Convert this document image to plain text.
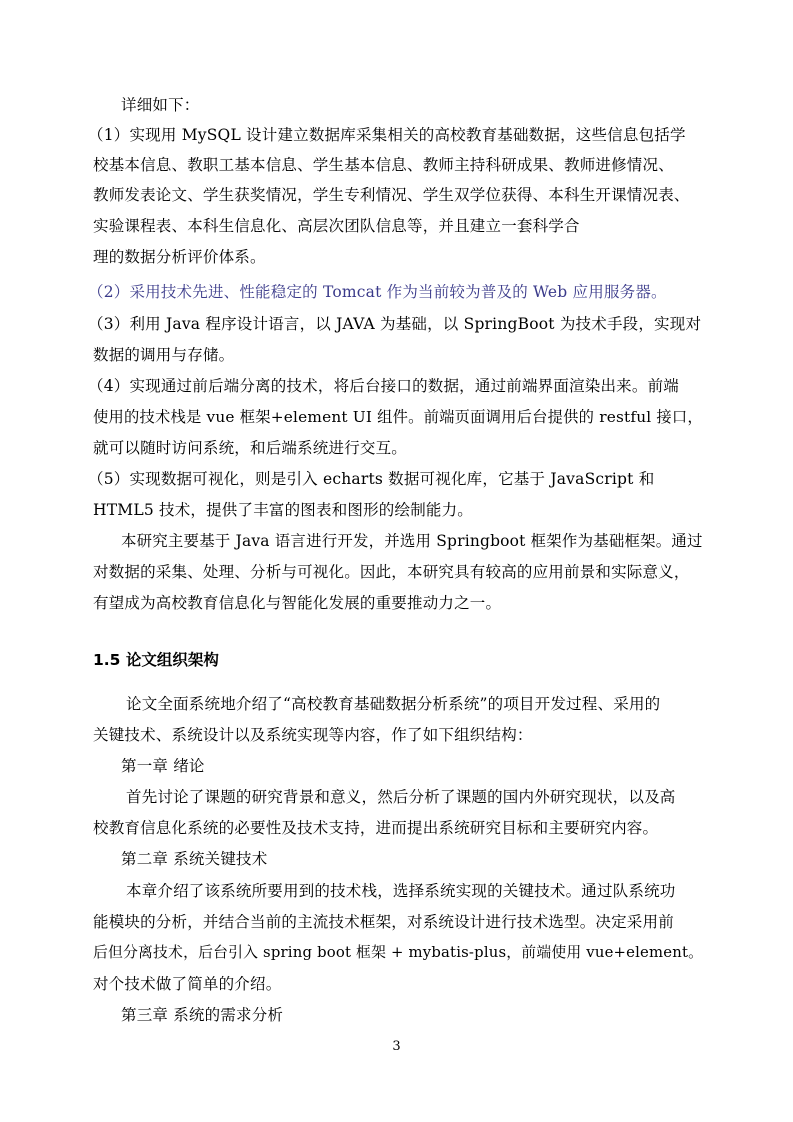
详细如下：
（1）实现用 MySQL 设计建立数据库采集相关的高校教育基础数据，这些信息包括学
校基本信息、教职工基本信息、学生基本信息、教师主持科研成果、教师进修情况、
教师发表论文、学生获奖情况，学生专利情况、学生双学位获得、本科生开课情况表、
实验课程表、本科生信息化、高层次团队信息等，并且建立一套科学合
理的数据分析评价体系。
（2）采用技术先进、性能稳定的 Tomcat 作为当前较为普及的 Web 应用服务器。
（3）利用 Java 程序设计语言，以 JAVA 为基础，以 SpringBoot 为技术手段，实现对
数据的调用与存储。
（4）实现通过前后端分离的技术，将后台接口的数据，通过前端界面渲染出来。前端
使用的技术栈是 vue 框架+element UI 组件。前端页面调用后台提供的 restful 接口，
就可以随时访问系统，和后端系统进行交互。
（5）实现数据可视化，则是引入 echarts 数据可视化库，它基于 JavaScript 和
HTML5 技术，提供了丰富的图表和图形的绘制能力。
本研究主要基于 Java 语言进行开发，并选用 Springboot 框架作为基础框架。通过
对数据的采集、处理、分析与可视化。因此，本研究具有较高的应用前景和实际意义，
有望成为高校教育信息化与智能化发展的重要推动力之一。
1.5 论文组织架构
论文全面系统地介绍了“高校教育基础数据分析系统”的项目开发过程、采用的
关键技术、系统设计以及系统实现等内容，作了如下组织结构：
第一章 绪论
首先讨论了课题的研究背景和意义，然后分析了课题的国内外研究现状，以及高
校教育信息化系统的必要性及技术支持，进而提出系统研究目标和主要研究内容。
第二章 系统关键技术
本章介绍了该系统所要用到的技术栈，选择系统实现的关键技术。通过队系统功
能模块的分析，并结合当前的主流技术框架，对系统设计进行技术选型。决定采用前
后但分离技术，后台引入 spring boot 框架 + mybatis-plus，前端使用 vue+element。
对个技术做了简单的介绍。
第三章 系统的需求分析
3
